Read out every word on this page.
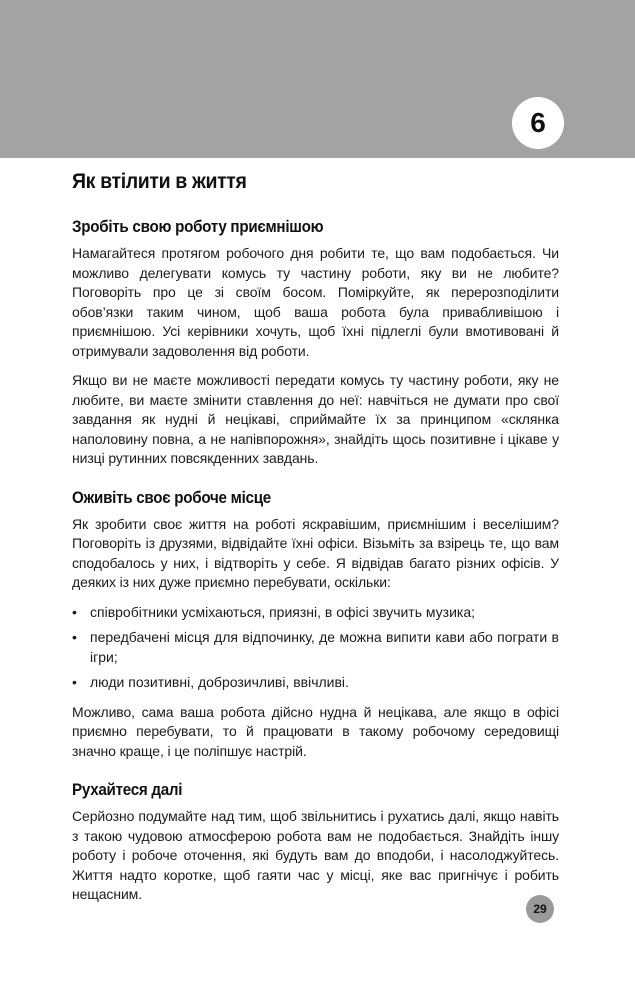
6
Як втілити в життя
Зробіть свою роботу приємнішою

Намагайтеся протягом робочого дня робити те, що вам подобається. Чи можливо делегувати комусь ту частину роботи, яку ви не любите? Поговоріть про це зі своїм босом. Поміркуйте, як перерозподілити обов’язки таким чином, щоб ваша робота була привабливішою і приємнішою. Усі керівники хочуть, щоб їхні підлеглі були вмотивовані й отримували задоволення від роботи.

Якщо ви не маєте можливості передати комусь ту частину роботи, яку не любите, ви маєте змінити ставлення до неї: навчіться не думати про свої завдання як нудні й нецікаві, сприймайте їх за принципом «склянка наполовину повна, а не напівпорожня», знайдіть щось позитивне і цікаве у низці рутинних повсякденних завдань.

Оживіть своє робоче місце

Як зробити своє життя на роботі яскравішим, приємнішим і веселішим? Поговоріть із друзями, відвідайте їхні офіси. Візьміть за взірець те, що вам сподобалось у них, і відтворіть у себе. Я відвідав багато різних офісів. У деяких із них дуже приємно перебувати, оскільки:

• співробітники усміхаються, приязні, в офісі звучить музика;
• передбачені місця для відпочинку, де можна випити кави або пограти в ігри;
• люди позитивні, доброзичливі, ввічливі.

Можливо, сама ваша робота дійсно нудна й нецікава, але якщо в офісі приємно перебувати, то й працювати в такому робочому середовищі значно краще, і це поліпшує настрій.

Рухайтеся далі

Серйозно подумайте над тим, щоб звільнитись і рухатись далі, якщо навіть з такою чудовою атмосферою робота вам не подобається. Знайдіть іншу роботу і робоче оточення, які будуть вам до вподоби, і насолоджуйтесь. Життя надто коротке, щоб гаяти час у місці, яке вас пригнічує і робить нещасним.

29
